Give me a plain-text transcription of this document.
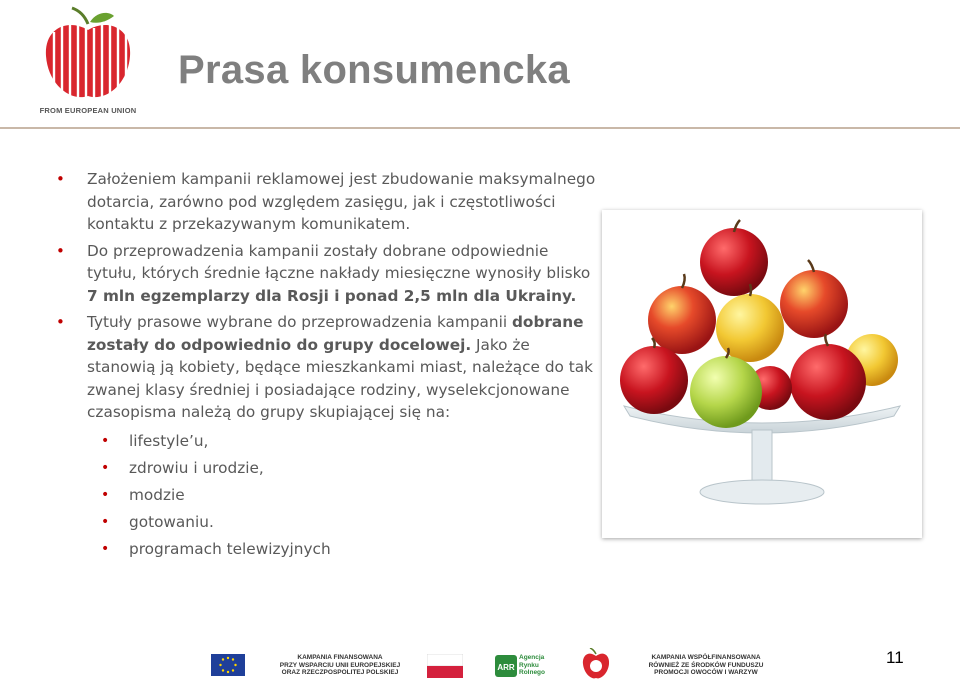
FROM EUROPEAN UNION
Prasa konsumencka

• Założeniem kampanii reklamowej jest zbudowanie maksymalnego dotarcia, zarówno pod względem zasięgu, jak i częstotliwości kontaktu z przekazywanym komunikatem.

• Do przeprowadzenia kampanii zostały dobrane odpowiednie tytułu, których średnie łączne nakłady miesięczne wynosiły blisko 7 mln egzemplarzy dla Rosji i ponad 2,5 mln dla Ukrainy.

• Tytuły prasowe wybrane do przeprowadzenia kampanii dobrane zostały do odpowiednio do grupy docelowej. Jako że stanowią ją kobiety, będące mieszkankami miast, należące do tak zwanej klasy średniej i posiadające rodziny, wyselekcjonowane czasopisma należą do grupy skupiającej się na:

• lifestyle’u,

• zdrowiu i urodzie,

• modzie

• gotowaniu.

• programach telewizyjnych

KAMPANIA FINANSOWANA
PRZY WSPARCIU UNII EUROPEJSKIEJ
ORAZ RZECZPOSPOLITEJ POLSKIEJ
ARR
Agencja
Rynku
Rolnego
KAMPANIA WSPÓŁFINANSOWANA
RÓWNIEŻ ZE ŚRODKÓW FUNDUSZU
PROMOCJI OWOCÓW I WARZYW
11
